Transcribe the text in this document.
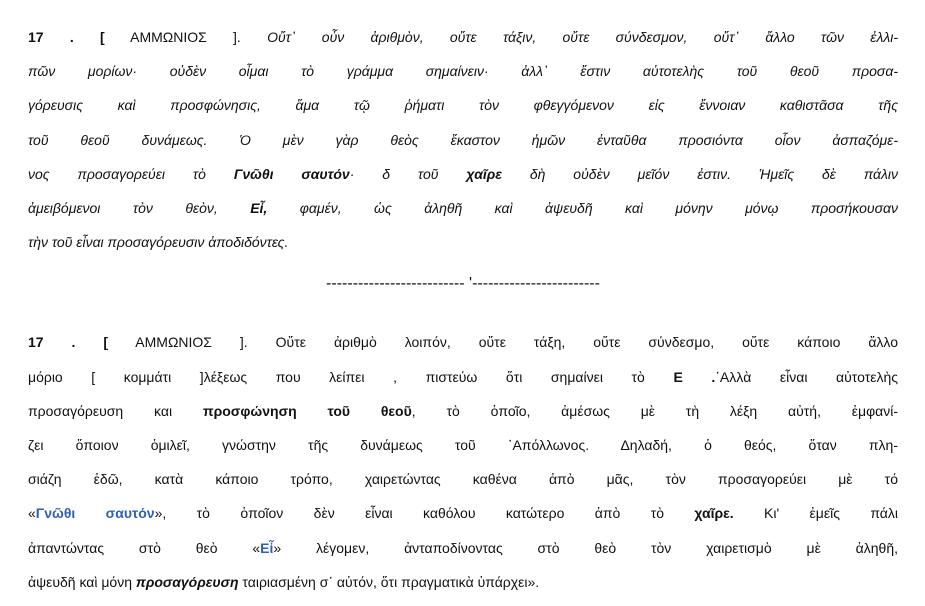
17 . [ ΑΜΜΩΝΙΟΣ ]. Οὔτ᾽ οὖν ἀριθμὸν, οὔτε τάξιν, οὔτε σύνδεσμον, οὔτ᾽ ἄλλο τῶν ἐλλι-
πῶν μορίων· οὐδὲν οἶμαι τὸ γράμμα σημαίνειν· ἀλλ᾽ ἔστιν αὐτοτελὴς τοῦ θεοῦ προσα-
γόρευσις καὶ προσφώνησις, ἅμα τῷ ῥήματι τὸν φθεγγόμενον εἰς ἔννοιαν καθιστᾶσα τῆς
τοῦ θεοῦ δυνάμεως. Ὁ μὲν γὰρ θεὸς ἕκαστον ἡμῶν ἐνταῦθα προσιόντα οἷον ἀσπαζόμε-
νος προσαγορεύει τὸ Γνῶθι σαυτόν· δ τοῦ χαῖρε δὴ οὐδὲν μεῖόν ἐστιν. Ἡμεῖς δὲ πάλιν
ἀμειβόμενοι τὸν θεὸν, Εἶ, φαμέν, ὡς ἀληθῆ καὶ ἀψευδῆ καὶ μόνην μόνῳ προσήκουσαν
τὴν τοῦ εἶναι προσαγόρευσιν ἀποδιδόντες.
-------------------------- '------------------------
17 . [ ΑΜΜΩΝΙΟΣ ]. Οὔτε ἀριθμὸ λοιπόν, οὔτε τάξη, οὔτε σύνδεσμο, οὔτε κάποιο ἄλλο
μόριο [ κομμάτι ]λέξεως που λείπει , πιστεύω ὅτι σημαίνει τὸ Ε .᾿Αλλὰ εἶναι αὐτοτελὴς
προσαγόρευση και προσφώνηση τοῦ θεοῦ, τὸ ὁποῖο, ἀμέσως μὲ τὴ λέξη αὐτή, ἐμφανί-
ζει ὅποιον ὁμιλεῖ, γνώστην τῆς δυνάμεως τοῦ ᾽Απόλλωνος. Δηλαδή, ὁ θεός, ὅταν πλη-
σιάζη ἐδῶ, κατὰ κάποιο τρόπο, χαιρετώντας καθένα ἀπὸ μᾶς, τὸν προσαγορεύει μὲ τό
«Γνῶθι σαυτόν», τὸ ὁποῖον δὲν εἶναι καθόλου κατώτερο ἀπὸ τὸ χαῖρε. Κι' ἐμεῖς πάλι
ἀπαντώντας στὸ θεὸ «Εἶ» λέγομεν, ἀνταποδίνοντας στὸ θεὸ τὸν χαιρετισμὸ μὲ ἀληθῆ,
ἀψευδῆ καὶ μόνη προσαγόρευση ταιριασμένη σ᾽ αὐτόν, ὅτι πραγματικὰ ὑπάρχει».
